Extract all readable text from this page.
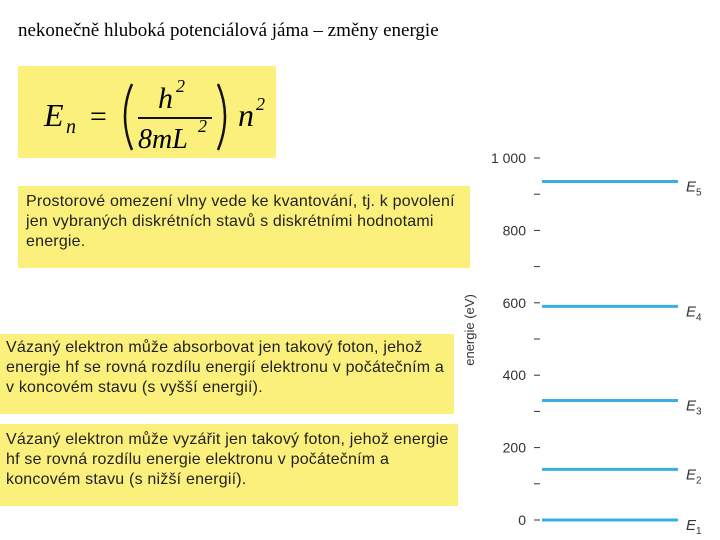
nekonečně hluboká potenciálová jáma – změny energie
E n =
h 2
8mL 2 n 2
Prostorové omezení vlny vede ke kvantování, tj. k povolení jen vybraných diskrétních stavů s diskrétními hodnotami energie.
Vázaný elektron může absorbovat jen takový foton, jehož energie hf se rovná rozdílu energií elektronu v počátečním a v koncovém stavu (s vyšší energií).
Vázaný elektron může vyzářit jen takový foton, jehož energie hf se rovná rozdílu energie elektronu v počátečním a koncovém stavu (s nižší energií).
energie (eV)
0
200
400
600
800
1 000
E 1
E 2
E 3
E 4
E 5
